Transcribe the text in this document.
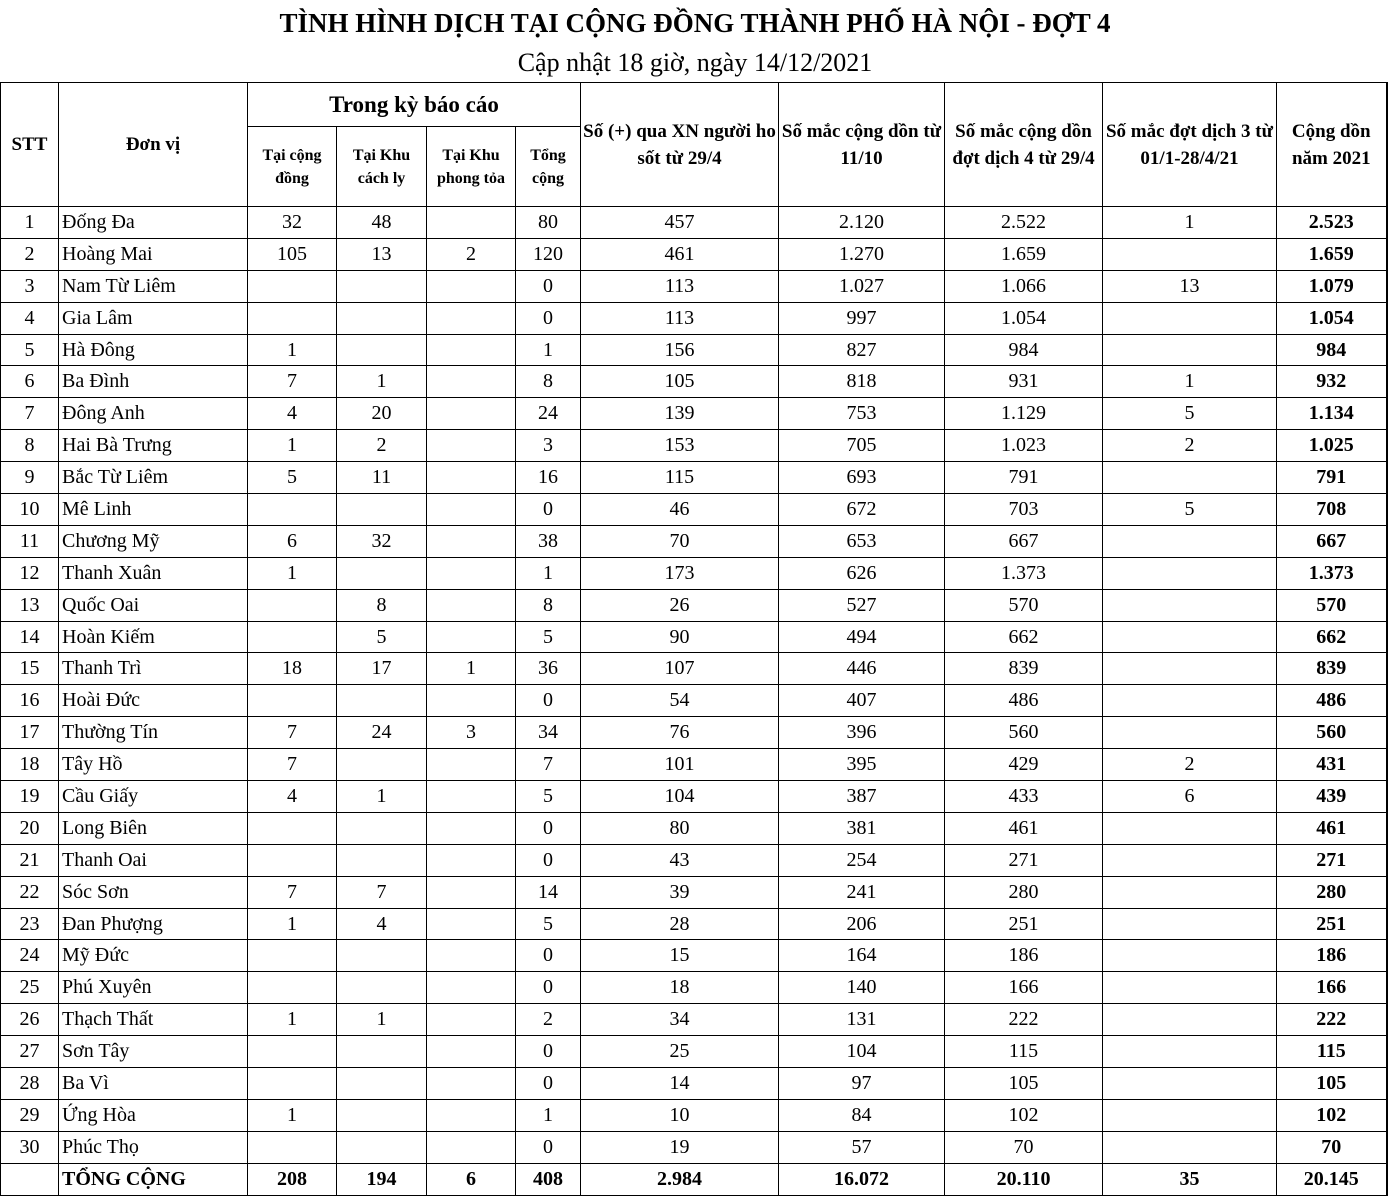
TÌNH HÌNH DỊCH TẠI CỘNG ĐỒNG THÀNH PHỐ HÀ NỘI - ĐỢT 4
Cập nhật 18 giờ, ngày 14/12/2021
STT	Đơn vị	Trong kỳ báo cáo				Số (+) qua XN người ho sốt từ 29/4	Số mắc cộng dồn từ 11/10	Số mắc cộng dồn đợt dịch 4 từ 29/4	Số mắc đợt dịch 3 từ 01/1-28/4/21	Cộng dồn năm 2021
		Tại cộng đồng	Tại Khu cách ly	Tại Khu phong tỏa	Tổng cộng					
1	Đống Đa	32	48		80	457	2.120	2.522	1	2.523
2	Hoàng Mai	105	13	2	120	461	1.270	1.659		1.659
3	Nam Từ Liêm				0	113	1.027	1.066	13	1.079
4	Gia Lâm				0	113	997	1.054		1.054
5	Hà Đông	1			1	156	827	984		984
6	Ba Đình	7	1		8	105	818	931	1	932
7	Đông Anh	4	20		24	139	753	1.129	5	1.134
8	Hai Bà Trưng	1	2		3	153	705	1.023	2	1.025
9	Bắc Từ Liêm	5	11		16	115	693	791		791
10	Mê Linh				0	46	672	703	5	708
11	Chương Mỹ	6	32		38	70	653	667		667
12	Thanh Xuân	1			1	173	626	1.373		1.373
13	Quốc Oai		8		8	26	527	570		570
14	Hoàn Kiếm		5		5	90	494	662		662
15	Thanh Trì	18	17	1	36	107	446	839		839
16	Hoài Đức				0	54	407	486		486
17	Thường Tín	7	24	3	34	76	396	560		560
18	Tây Hồ	7			7	101	395	429	2	431
19	Cầu Giấy	4	1		5	104	387	433	6	439
20	Long Biên				0	80	381	461		461
21	Thanh Oai				0	43	254	271		271
22	Sóc Sơn	7	7		14	39	241	280		280
23	Đan Phượng	1	4		5	28	206	251		251
24	Mỹ Đức				0	15	164	186		186
25	Phú Xuyên				0	18	140	166		166
26	Thạch Thất	1	1		2	34	131	222		222
27	Sơn Tây				0	25	104	115		115
28	Ba Vì				0	14	97	105		105
29	Ứng Hòa	1			1	10	84	102		102
30	Phúc Thọ				0	19	57	70		70
	TỔNG CỘNG	208	194	6	408	2.984	16.072	20.110	35	20.145
